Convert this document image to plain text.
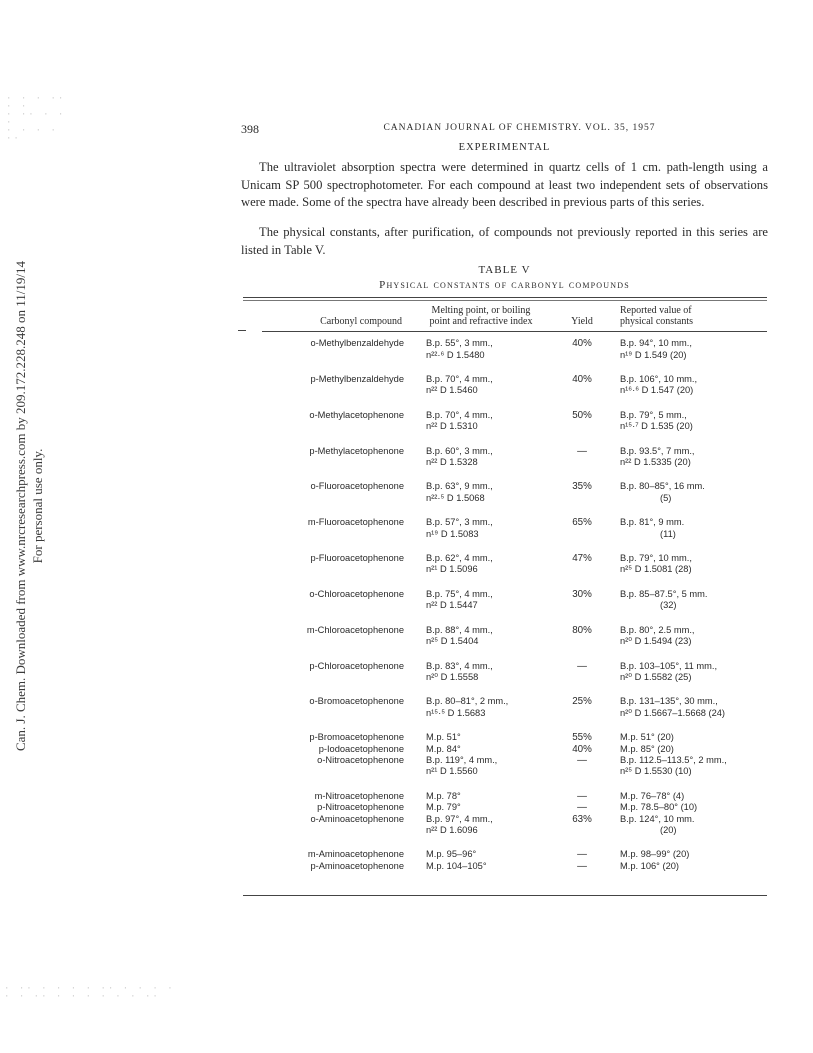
· · · ·· · ·
· ·· · · ·
· · · · ··
· ·· · · · · ·· · · · ·
· · ·· · · · · · · ··
Can. J. Chem. Downloaded from www.nrcresearchpress.com by 209.172.228.248 on 11/19/14 For personal use only.
398	CANADIAN JOURNAL OF CHEMISTRY. VOL. 35, 1957
EXPERIMENTAL
The ultraviolet absorption spectra were determined in quartz cells of 1 cm. path-length using a Unicam SP 500 spectrophotometer. For each compound at least two independent sets of observations were made. Some of the spectra have already been described in previous parts of this series.
The physical constants, after purification, of compounds not previously reported in this series are listed in Table V.
TABLE V
Physical constants of carbonyl compounds
Carbonyl compound	Melting point, or boiling
point and refractive index	Yield	Reported value of
physical constants

o-Methylbenzaldehyde	B.p. 55°, 3 mm.,
n²²·⁶ D 1.5480	40%	B.p. 94°, 10 mm.,
n¹⁹ D 1.549 (20)

p-Methylbenzaldehyde	B.p. 70°, 4 mm.,
n²² D 1.5460	40%	B.p. 106°, 10 mm.,
n¹⁶·⁶ D 1.547 (20)

o-Methylacetophenone	B.p. 70°, 4 mm.,
n²² D 1.5310	50%	B.p. 79°, 5 mm.,
n¹⁵·⁷ D 1.535 (20)

p-Methylacetophenone	B.p. 60°, 3 mm.,
n²² D 1.5328	—	B.p. 93.5°, 7 mm.,
n²² D 1.5335 (20)

o-Fluoroacetophenone	B.p. 63°, 9 mm.,
n²²·⁵ D 1.5068	35%	B.p. 80–85°, 16 mm.
(5)

m-Fluoroacetophenone	B.p. 57°, 3 mm.,
n¹⁹ D 1.5083	65%	B.p. 81°, 9 mm.
(11)

p-Fluoroacetophenone	B.p. 62°, 4 mm.,
n²¹ D 1.5096	47%	B.p. 79°, 10 mm.,
n²⁵ D 1.5081 (28)

o-Chloroacetophenone	B.p. 75°, 4 mm.,
n²² D 1.5447	30%	B.p. 85–87.5°, 5 mm.
(32)

m-Chloroacetophenone	B.p. 88°, 4 mm.,
n²⁵ D 1.5404	80%	B.p. 80°, 2.5 mm.,
n²⁰ D 1.5494 (23)

p-Chloroacetophenone	B.p. 83°, 4 mm.,
n²⁰ D 1.5558	—	B.p. 103–105°, 11 mm.,
n²⁰ D 1.5582 (25)

o-Bromoacetophenone	B.p. 80–81°, 2 mm.,
n¹⁵·⁵ D 1.5683	25%	B.p. 131–135°, 30 mm.,
n²⁰ D 1.5667–1.5668 (24)

p-Bromoacetophenone	M.p. 51°	55%	M.p. 51° (20)

p-Iodoacetophenone	M.p. 84°	40%	M.p. 85° (20)

o-Nitroacetophenone	B.p. 119°, 4 mm.,
n²¹ D 1.5560	—	B.p. 112.5–113.5°, 2 mm.,
n²⁵ D 1.5530 (10)

m-Nitroacetophenone	M.p. 78°	—	M.p. 76–78° (4)

p-Nitroacetophenone	M.p. 79°	—	M.p. 78.5–80° (10)

o-Aminoacetophenone	B.p. 97°, 4 mm.,
n²² D 1.6096	63%	B.p. 124°, 10 mm.
(20)

m-Aminoacetophenone	M.p. 95–96°	—	M.p. 98–99° (20)

p-Aminoacetophenone	M.p. 104–105°	—	M.p. 106° (20)
